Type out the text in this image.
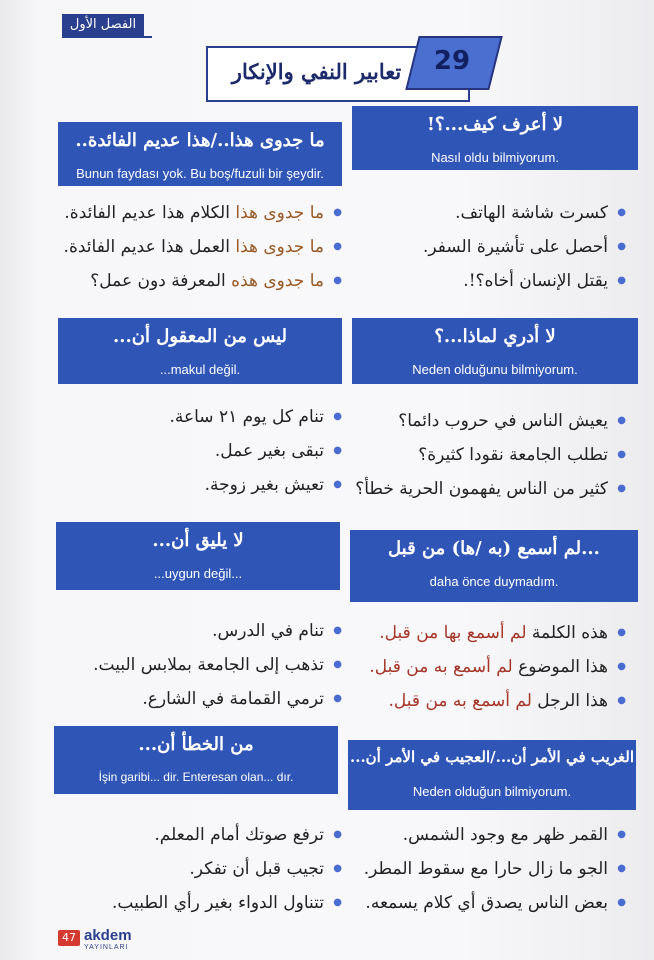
الفصل الأول
تعابير النفي والإنكار	29
لا أعرف كيف...؟!
Nasıl oldu bilmiyorum.
● كسرت شاشة الهاتف.
● أحصل على تأشيرة السفر.
● يقتل الإنسان أخاه؟!.
ما جدوى هذا../هذا عديم الفائدة..
Bunun faydası yok. Bu boş/fuzuli bir şeydir.
● ما جدوى هذا الكلام هذا عديم الفائدة.
● ما جدوى هذا العمل هذا عديم الفائدة.
● ما جدوى هذه المعرفة دون عمل؟
لا أدري لماذا...؟
Neden olduğunu bilmiyorum.
● يعيش الناس في حروب دائما؟
● تطلب الجامعة نقودا كثيرة؟
● كثير من الناس يفهمون الحرية خطأ؟
ليس من المعقول أن...
...makul değil.
● تنام كل يوم ٢١ ساعة.
● تبقى بغير عمل.
● تعيش بغير زوجة.
...لم أسمع (به /ها) من قبل
daha önce duymadım.
● هذه الكلمة لم أسمع بها من قبل.
● هذا الموضوع لم أسمع به من قبل.
● هذا الرجل لم أسمع به من قبل.
لا يليق أن...
...uygun değil...
● تنام في الدرس.
● تذهب إلى الجامعة بملابس البيت.
● ترمي القمامة في الشارع.
الغريب في الأمر أن.../العجيب في الأمر أن...
Neden olduğun bilmiyorum.
● القمر ظهر مع وجود الشمس.
● الجو ما زال حارا مع سقوط المطر.
● بعض الناس يصدق أي كلام يسمعه.
من الخطأ أن...
İşin garibi... dir. Enteresan olan... dır.
● ترفع صوتك أمام المعلم.
● تجيب قبل أن تفكر.
● تتناول الدواء بغير رأي الطبيب.
47 akdem
YAYINLARI
